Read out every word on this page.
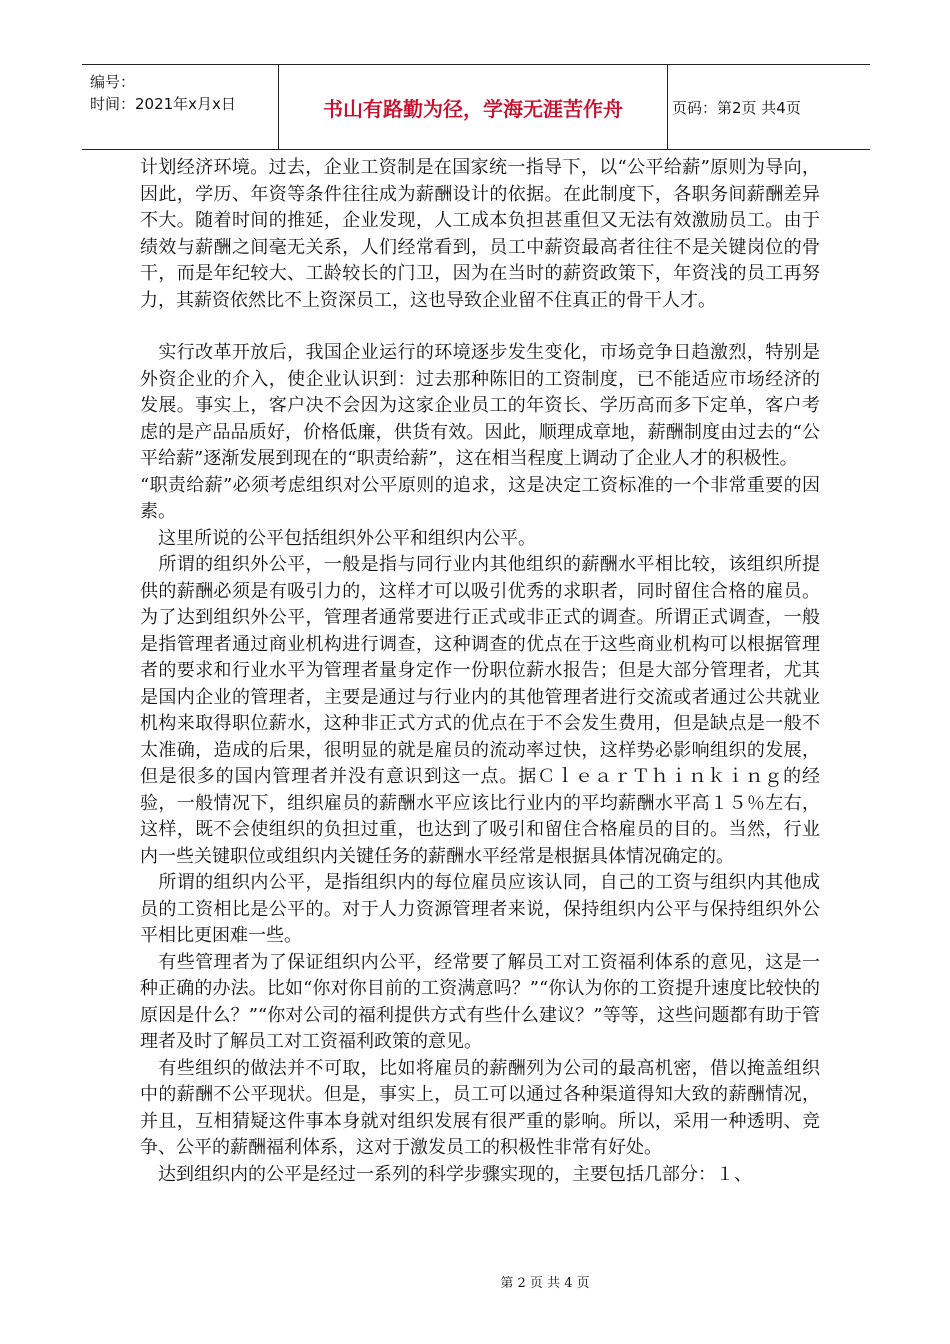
编号：
时间：2021年x月x日	书山有路勤为径，学海无涯苦作舟	页码：第2页 共4页

计划经济环境。过去，企业工资制是在国家统一指导下，以“公平给薪”原则为导向，因此，学历、年资等条件往往成为薪酬设计的依据。在此制度下，各职务间薪酬差异不大。随着时间的推延，企业发现，人工成本负担甚重但又无法有效激励员工。由于绩效与薪酬之间毫无关系，人们经常看到，员工中薪资最高者往往不是关键岗位的骨干，而是年纪较大、工龄较长的门卫，因为在当时的薪资政策下，年资浅的员工再努力，其薪资依然比不上资深员工，这也导致企业留不住真正的骨干人才。

　实行改革开放后，我国企业运行的环境逐步发生变化，市场竞争日趋激烈，特别是外资企业的介入，使企业认识到：过去那种陈旧的工资制度，已不能适应市场经济的发展。事实上，客户决不会因为这家企业员工的年资长、学历高而多下定单，客户考虑的是产品品质好，价格低廉，供货有效。因此，顺理成章地，薪酬制度由过去的“公平给薪”逐渐发展到现在的“职责给薪”，这在相当程度上调动了企业人才的积极性。

“职责给薪”必须考虑组织对公平原则的追求，这是决定工资标准的一个非常重要的因素。

　这里所说的公平包括组织外公平和组织内公平。

　所谓的组织外公平，一般是指与同行业内其他组织的薪酬水平相比较，该组织所提供的薪酬必须是有吸引力的，这样才可以吸引优秀的求职者，同时留住合格的雇员。为了达到组织外公平，管理者通常要进行正式或非正式的调查。所谓正式调查，一般是指管理者通过商业机构进行调查，这种调查的优点在于这些商业机构可以根据管理者的要求和行业水平为管理者量身定作一份职位薪水报告；但是大部分管理者，尤其是国内企业的管理者，主要是通过与行业内的其他管理者进行交流或者通过公共就业机构来取得职位薪水，这种非正式方式的优点在于不会发生费用，但是缺点是一般不太准确，造成的后果，很明显的就是雇员的流动率过快，这样势必影响组织的发展，但是很多的国内管理者并没有意识到这一点。据ＣｌｅａｒＴｈｉｎｋｉｎｇ的经验，一般情况下，组织雇员的薪酬水平应该比行业内的平均薪酬水平高１５％左右，这样，既不会使组织的负担过重，也达到了吸引和留住合格雇员的目的。当然，行业内一些关键职位或组织内关键任务的薪酬水平经常是根据具体情况确定的。

　所谓的组织内公平，是指组织内的每位雇员应该认同，自己的工资与组织内其他成员的工资相比是公平的。对于人力资源管理者来说，保持组织内公平与保持组织外公平相比更困难一些。

　有些管理者为了保证组织内公平，经常要了解员工对工资福利体系的意见，这是一种正确的办法。比如“你对你目前的工资满意吗？”“你认为你的工资提升速度比较快的原因是什么？”“你对公司的福利提供方式有些什么建议？”等等，这些问题都有助于管理者及时了解员工对工资福利政策的意见。

　有些组织的做法并不可取，比如将雇员的薪酬列为公司的最高机密，借以掩盖组织中的薪酬不公平现状。但是，事实上，员工可以通过各种渠道得知大致的薪酬情况，并且，互相猜疑这件事本身就对组织发展有很严重的影响。所以，采用一种透明、竞争、公平的薪酬福利体系，这对于激发员工的积极性非常有好处。

　达到组织内的公平是经过一系列的科学步骤实现的，主要包括几部分：１、

第 2 页 共 4 页
